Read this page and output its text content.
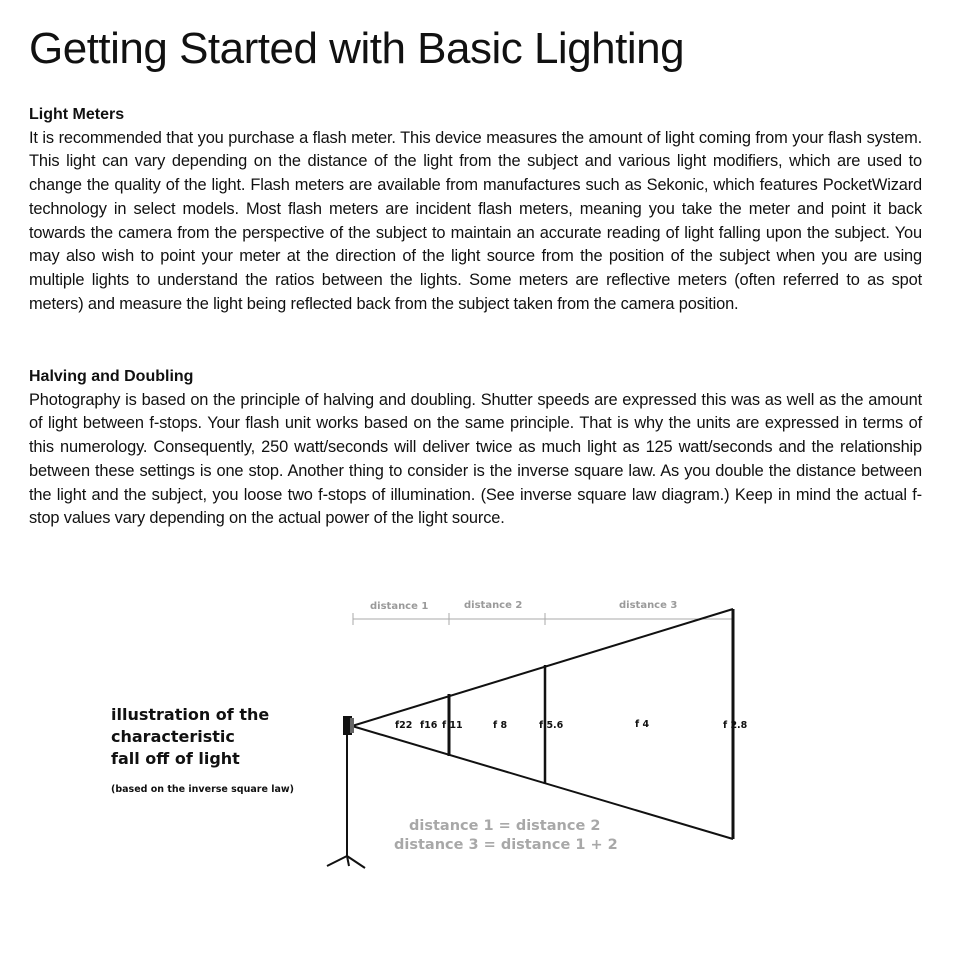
Getting Started with Basic Lighting
Light Meters

It is recommended that you purchase a flash meter. This device measures the amount of light coming from your flash system. This light can vary depending on the distance of the light from the subject and various light modifiers, which are used to change the quality of the light. Flash meters are available from manufactures such as Sekonic, which features PocketWizard technology in select models. Most flash meters are incident flash meters, meaning you take the meter and point it back towards the camera from the perspective of the subject to maintain an accurate reading of light falling upon the subject. You may also wish to point your meter at the direction of the light source from the position of the subject when you are using multiple lights to understand the ratios between the lights. Some meters are reflective meters (often referred to as spot meters) and measure the light being reflected back from the subject taken from the camera position.

Halving and Doubling

Photography is based on the principle of halving and doubling. Shutter speeds are expressed this was as well as the amount of light between f-stops. Your flash unit works based on the same principle. That is why the units are expressed in terms of this numerology. Consequently, 250 watt/seconds will deliver twice as much light as 125 watt/seconds and the relationship between these settings is one stop. Another thing to consider is the inverse square law. As you double the distance between the light and the subject, you loose two f-stops of illumination. (See inverse square law diagram.) Keep in mind the actual f-stop values vary depending on the actual power of the light source.

illustration of the
characteristic
fall off of light
(based on the inverse square law)
distance 1	distance 2	distance 3
f22 f16 f 11	f 8	f 5.6	f 4	f 2.8
distance 1 = distance 2
distance 3 = distance 1 + 2
